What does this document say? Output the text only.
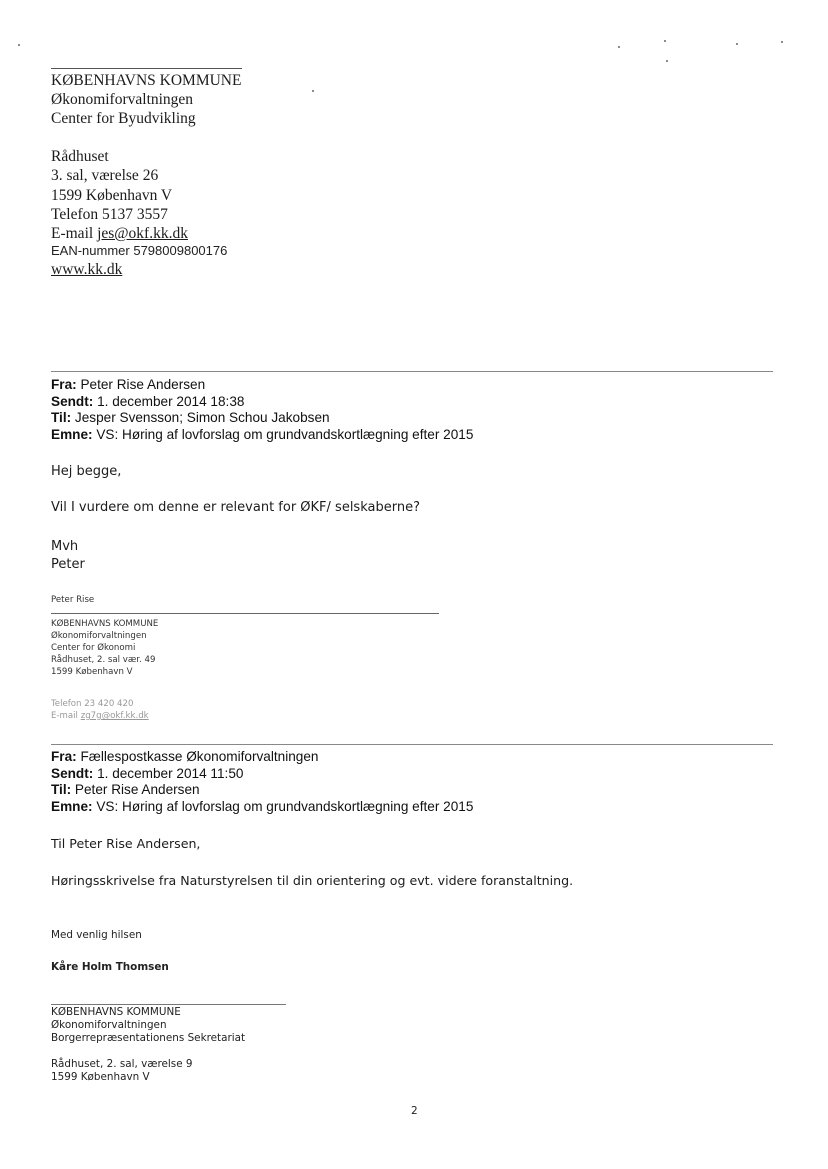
KØBENHAVNS KOMMUNE
Økonomiforvaltningen
Center for Byudvikling
Rådhuset
3. sal, værelse 26
1599 København V
Telefon 5137 3557
E-mail jes@okf.kk.dk
EAN-nummer 5798009800176
www.kk.dk
Fra: Peter Rise Andersen
Sendt: 1. december 2014 18:38
Til: Jesper Svensson; Simon Schou Jakobsen
Emne: VS: Høring af lovforslag om grundvandskortlægning efter 2015
Hej begge,
Vil I vurdere om denne er relevant for ØKF/ selskaberne?
Mvh
Peter
Peter Rise
KØBENHAVNS KOMMUNE
Økonomiforvaltningen
Center for Økonomi
Rådhuset, 2. sal vær. 49
1599 København V
Telefon 23 420 420
E-mail zg7g@okf.kk.dk
Fra: Fællespostkasse Økonomiforvaltningen
Sendt: 1. december 2014 11:50
Til: Peter Rise Andersen
Emne: VS: Høring af lovforslag om grundvandskortlægning efter 2015
Til Peter Rise Andersen,
Høringsskrivelse fra Naturstyrelsen til din orientering og evt. videre foranstaltning.
Med venlig hilsen
Kåre Holm Thomsen
KØBENHAVNS KOMMUNE
Økonomiforvaltningen
Borgerrepræsentationens Sekretariat
Rådhuset, 2. sal, værelse 9
1599 København V
2
